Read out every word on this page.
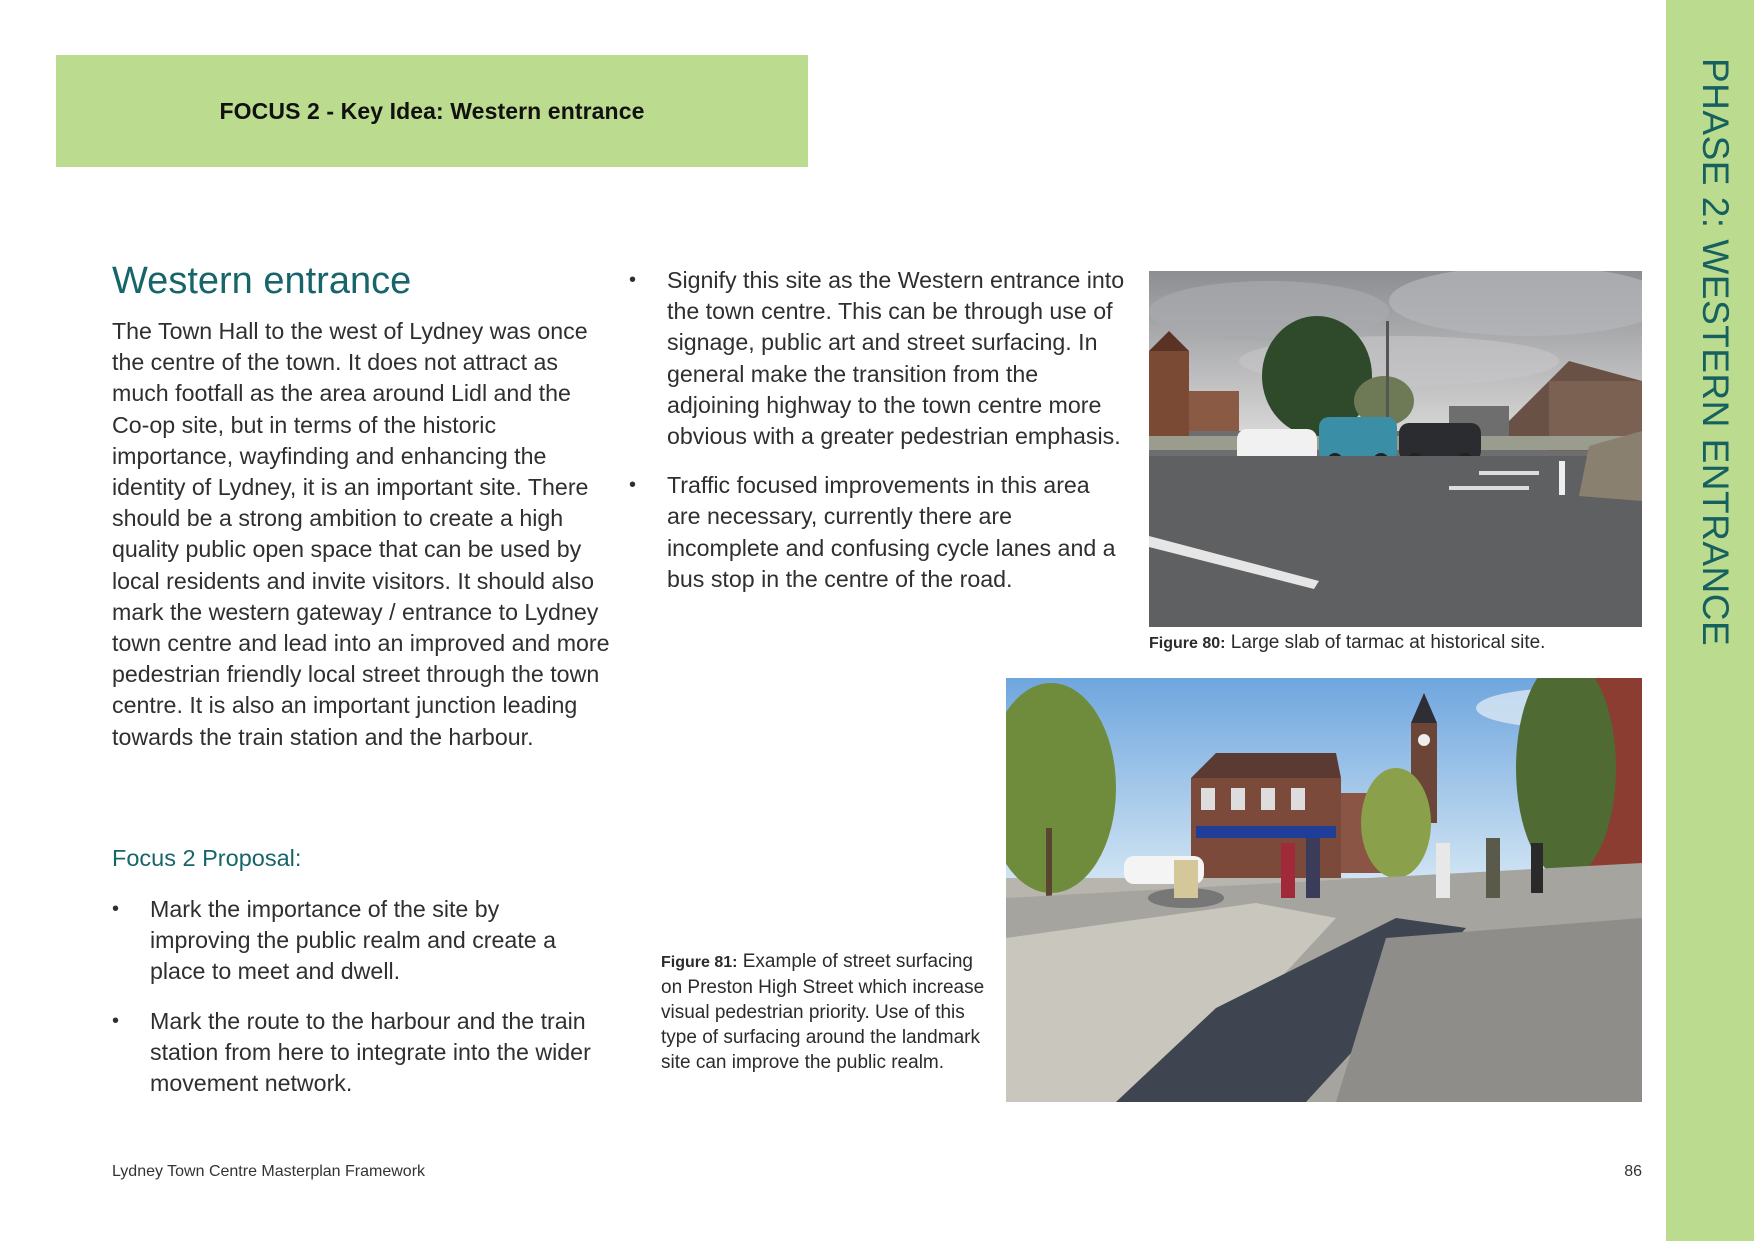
FOCUS 2 - Key Idea: Western entrance	PHASE 2: WESTERN ENTRANCE
Western entrance

The Town Hall to the west of Lydney was once the centre of the town. It does not attract as much footfall as the area around Lidl and the Co-op site, but in terms of the historic importance, wayfinding and enhancing the identity of Lydney, it is an important site. There should be a strong ambition to create a high quality public open space that can be used by local residents and invite visitors. It should also mark the western gateway / entrance to Lydney town centre and lead into an improved and more pedestrian friendly local street through the town centre. It is also an important junction leading towards the train station and the harbour.

Focus 2 Proposal:
• Mark the importance of the site by improving the public realm and create a place to meet and dwell.
• Mark the route to the harbour and the train station from here to integrate into the wider movement network.
• Signify this site as the Western entrance into the town centre. This can be through use of signage, public art and street surfacing. In general make the transition from the adjoining highway to the town centre more obvious with a greater pedestrian emphasis.
• Traffic focused improvements in this area are necessary, currently there are incomplete and confusing cycle lanes and a bus stop in the centre of the road.

Figure 80: Large slab of tarmac at historical site.

Figure 81: Example of street surfacing on Preston High Street which increase visual pedestrian priority. Use of this type of surfacing around the landmark site can improve the public realm.

Lydney Town Centre Masterplan Framework	86
